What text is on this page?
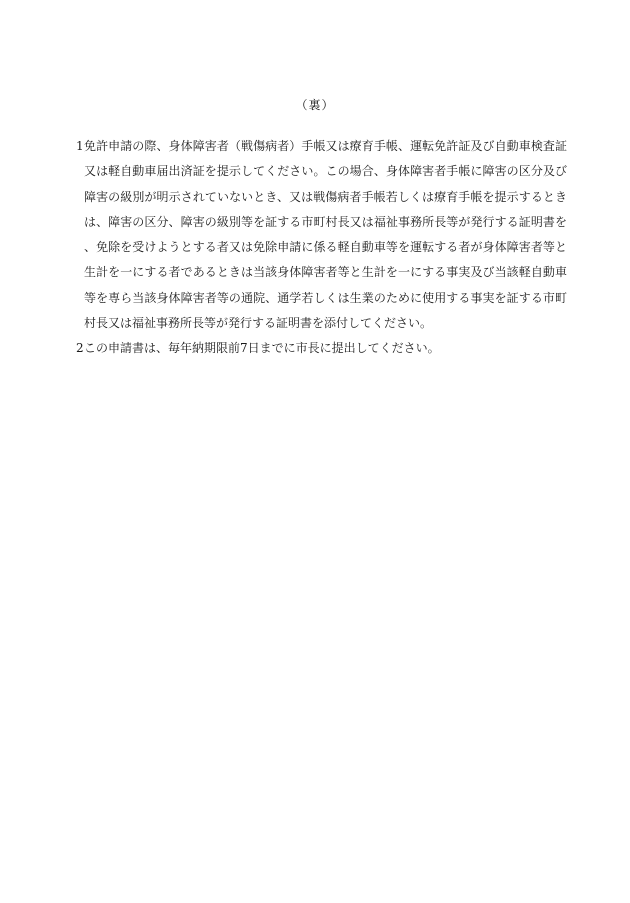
（裏）
1 免許申請の際、身体障害者（戦傷病者）手帳又は療育手帳、運転免許証及び自動車検査証又は軽自動車届出済証を提示してください。この場合、身体障害者手帳に障害の区分及び障害の級別が明示されていないとき、又は戦傷病者手帳若しくは療育手帳を提示するときは、障害の区分、障害の級別等を証する市町村長又は福祉事務所長等が発行する証明書を、免除を受けようとする者又は免除申請に係る軽自動車等を運転する者が身体障害者等と生計を一にする者であるときは当該身体障害者等と生計を一にする事実及び当該軽自動車等を専ら当該身体障害者等の通院、通学若しくは生業のために使用する事実を証する市町村長又は福祉事務所長等が発行する証明書を添付してください。
2 この申請書は、毎年納期限前7日までに市長に提出してください。
